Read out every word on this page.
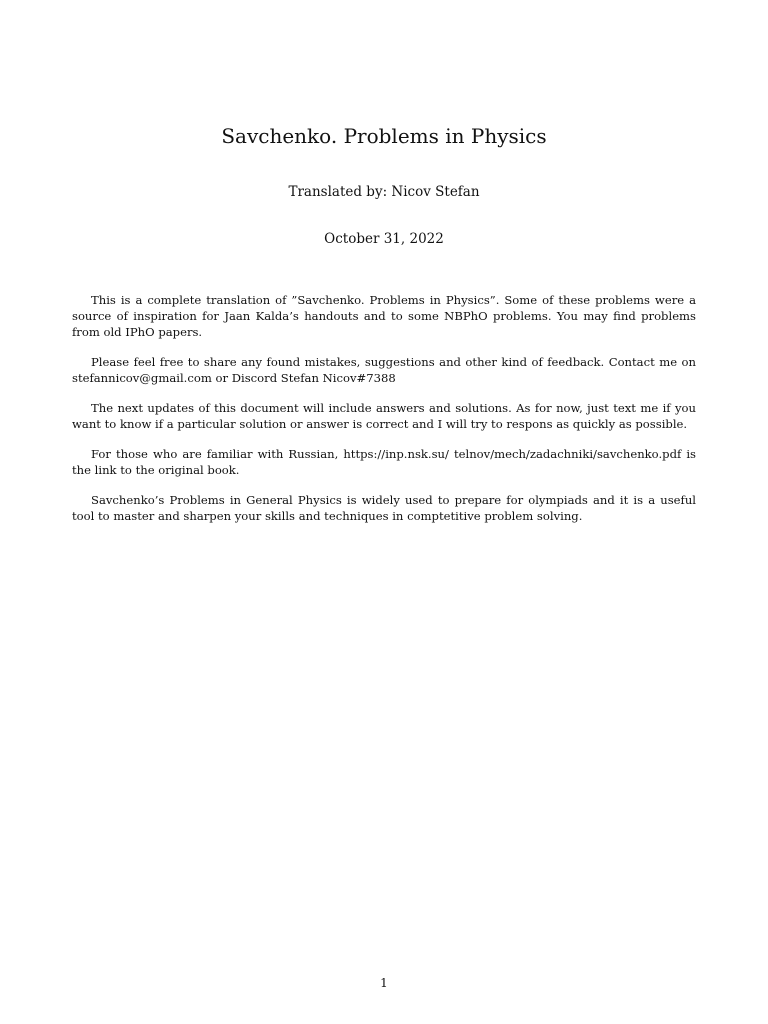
Savchenko. Problems in Physics
Translated by: Nicov Stefan
October 31, 2022

This is a complete translation of ”Savchenko. Problems in Physics”. Some of these problems were a source of inspiration for Jaan Kalda’s handouts and to some NBPhO problems. You may find problems from old IPhO papers.

Please feel free to share any found mistakes, suggestions and other kind of feedback. Contact me on stefannicov@gmail.com or Discord Stefan Nicov#7388

The next updates of this document will include answers and solutions. As for now, just text me if you want to know if a particular solution or answer is correct and I will try to respons as quickly as possible.

For those who are familiar with Russian, https://inp.nsk.su/ telnov/mech/zadachniki/savchenko.pdf is the link to the original book.

Savchenko’s Problems in General Physics is widely used to prepare for olympiads and it is a useful tool to master and sharpen your skills and techniques in comptetitive problem solving.

1
